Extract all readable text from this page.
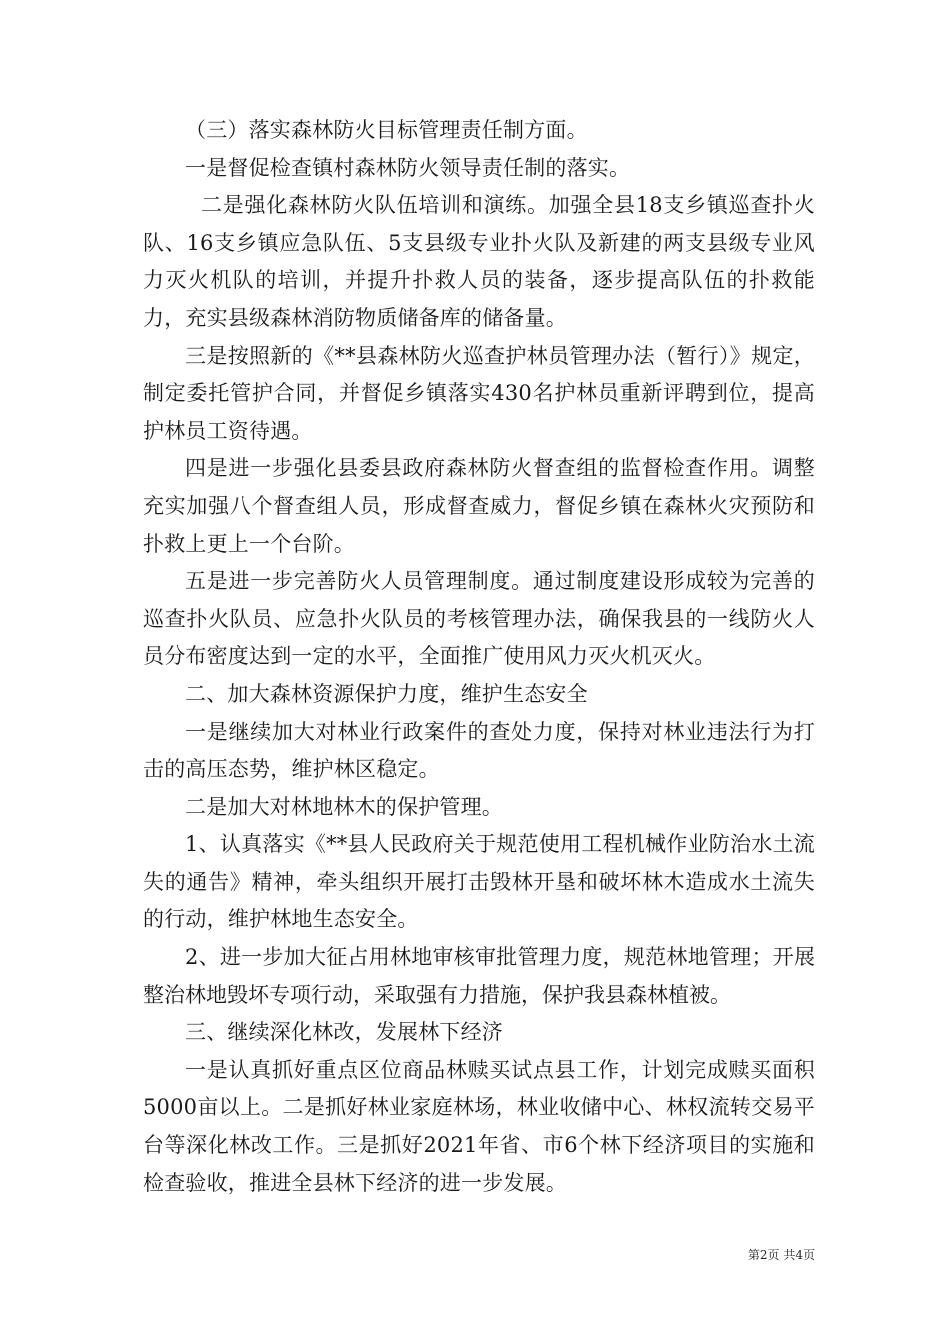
（三）落实森林防火目标管理责任制方面。

一是督促检查镇村森林防火领导责任制的落实。

二是强化森林防火队伍培训和演练。加强全县18支乡镇巡查扑火队、16支乡镇应急队伍、5支县级专业扑火队及新建的两支县级专业风力灭火机队的培训，并提升扑救人员的装备，逐步提高队伍的扑救能力，充实县级森林消防物质储备库的储备量。

三是按照新的《**县森林防火巡查护林员管理办法（暂行）》规定，制定委托管护合同，并督促乡镇落实430名护林员重新评聘到位，提高护林员工资待遇。

四是进一步强化县委县政府森林防火督查组的监督检查作用。调整充实加强八个督查组人员，形成督查威力，督促乡镇在森林火灾预防和扑救上更上一个台阶。

五是进一步完善防火人员管理制度。通过制度建设形成较为完善的巡查扑火队员、应急扑火队员的考核管理办法，确保我县的一线防火人员分布密度达到一定的水平，全面推广使用风力灭火机灭火。

二、加大森林资源保护力度，维护生态安全

一是继续加大对林业行政案件的查处力度，保持对林业违法行为打击的高压态势，维护林区稳定。

二是加大对林地林木的保护管理。

1、认真落实《**县人民政府关于规范使用工程机械作业防治水土流失的通告》精神，牵头组织开展打击毁林开垦和破坏林木造成水土流失的行动，维护林地生态安全。

2、进一步加大征占用林地审核审批管理力度，规范林地管理；开展整治林地毁坏专项行动，采取强有力措施，保护我县森林植被。

三、继续深化林改，发展林下经济

一是认真抓好重点区位商品林赎买试点县工作，计划完成赎买面积5000亩以上。二是抓好林业家庭林场，林业收储中心、林权流转交易平台等深化林改工作。三是抓好2021年省、市6个林下经济项目的实施和检查验收，推进全县林下经济的进一步发展。

第2页 共4页
